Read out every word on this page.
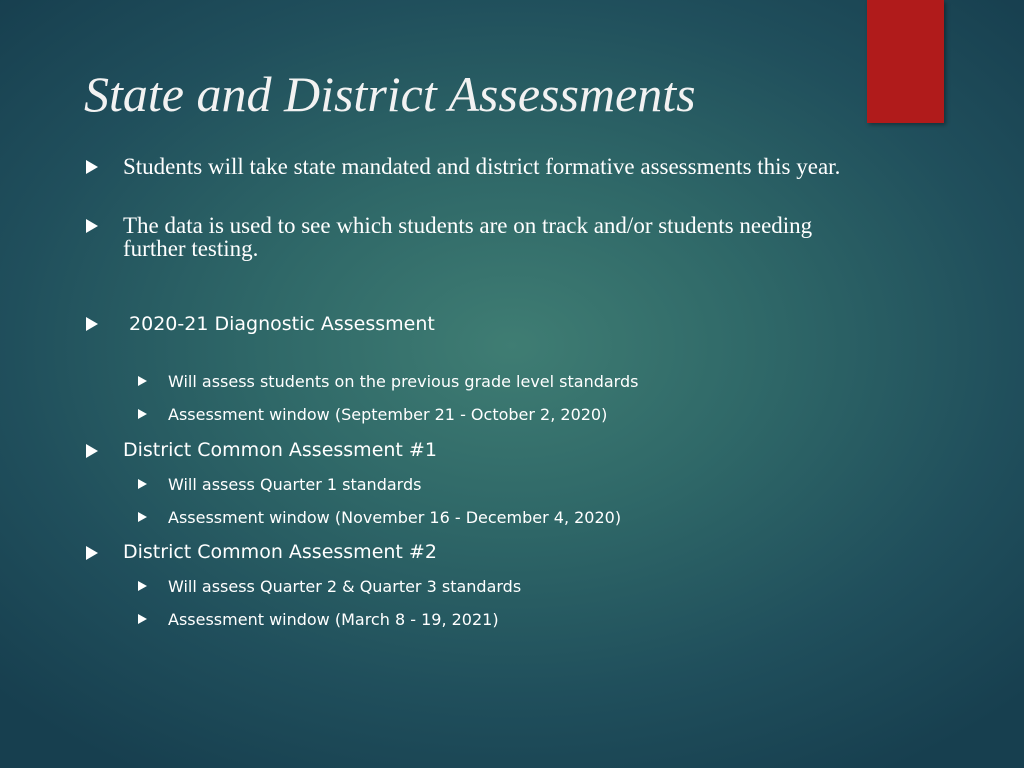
State and District Assessments
Students will take state mandated and district formative assessments this year.
The data is used to see which students are on track and/or students needing further testing.
2020-21 Diagnostic Assessment
Will assess students on the previous grade level standards
Assessment window (September 21 - October 2, 2020)
District Common Assessment #1
Will assess Quarter 1 standards
Assessment window (November 16 - December 4, 2020)
District Common Assessment #2
Will assess Quarter 2 & Quarter 3 standards
Assessment window (March 8 - 19, 2021)
